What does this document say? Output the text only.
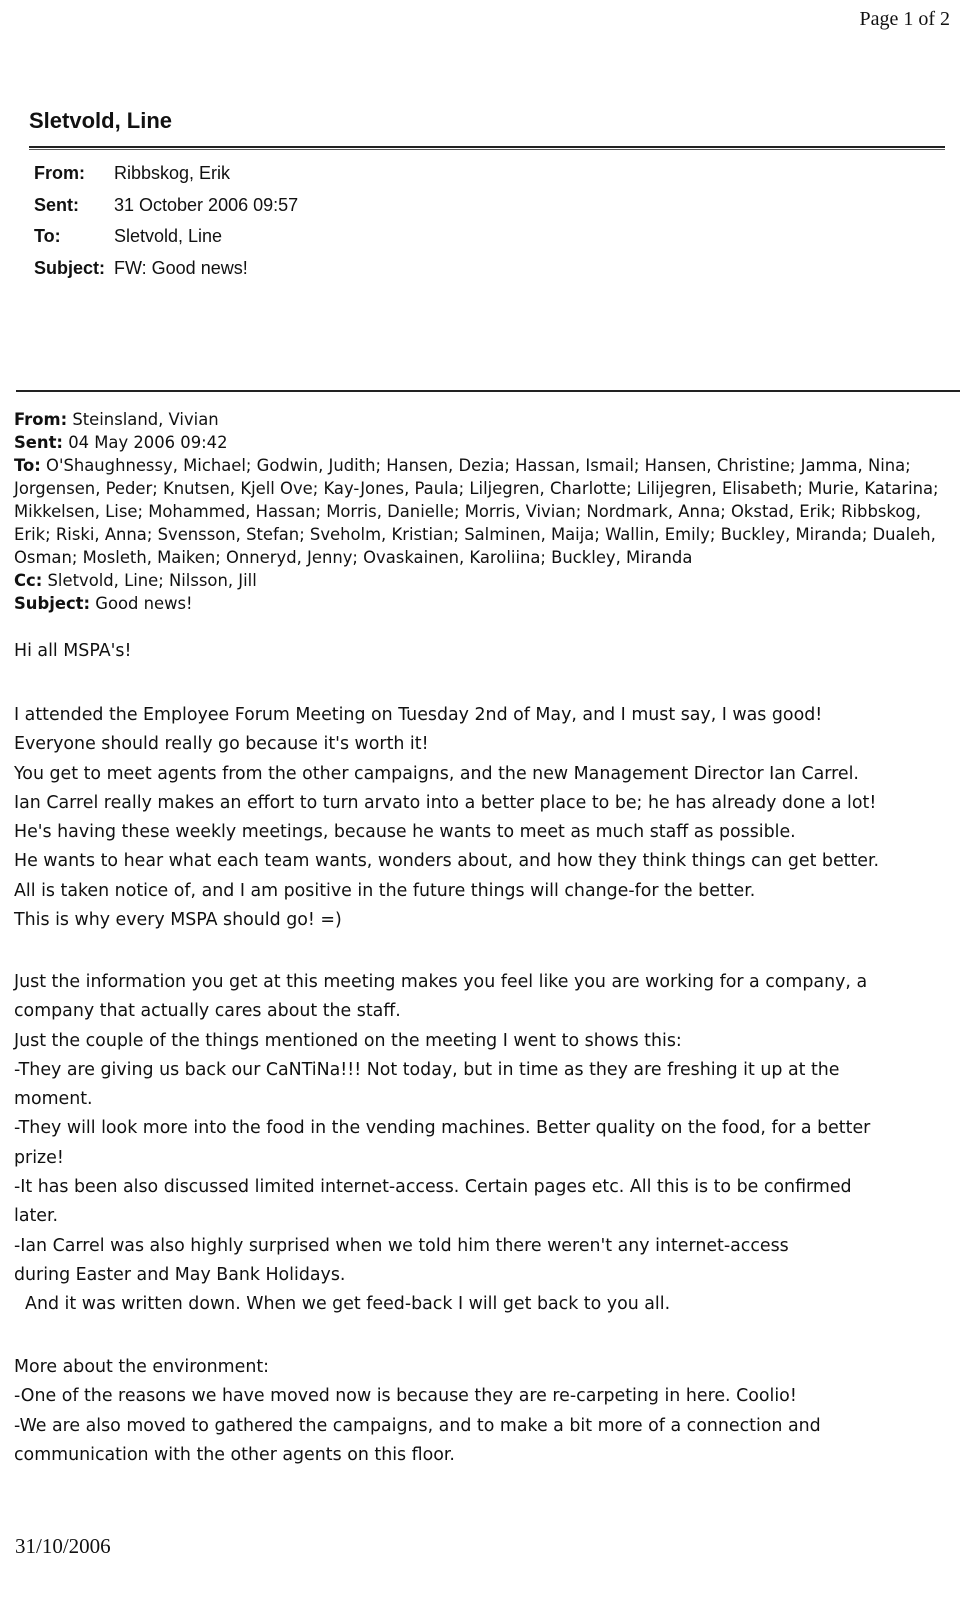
Page 1 of 2
Sletvold, Line
From:	Ribbskog, Erik
Sent:	31 October 2006 09:57
To:	Sletvold, Line
Subject: FW: Good news!
From: Steinsland, Vivian
Sent: 04 May 2006 09:42
To: O'Shaughnessy, Michael; Godwin, Judith; Hansen, Dezia; Hassan, Ismail; Hansen, Christine; Jamma, Nina; Jorgensen, Peder; Knutsen, Kjell Ove; Kay-Jones, Paula; Liljegren, Charlotte; Lilijegren, Elisabeth; Murie, Katarina; Mikkelsen, Lise; Mohammed, Hassan; Morris, Danielle; Morris, Vivian; Nordmark, Anna; Okstad, Erik; Ribbskog, Erik; Riski, Anna; Svensson, Stefan; Sveholm, Kristian; Salminen, Maija; Wallin, Emily; Buckley, Miranda; Dualeh, Osman; Mosleth, Maiken; Onneryd, Jenny; Ovaskainen, Karoliina; Buckley, Miranda
Cc: Sletvold, Line; Nilsson, Jill
Subject: Good news!
Hi all MSPA's!
I attended the Employee Forum Meeting on Tuesday 2nd of May, and I must say, I was good!
Everyone should really go because it's worth it!
You get to meet agents from the other campaigns, and the new Management Director Ian Carrel.
Ian Carrel really makes an effort to turn arvato into a better place to be; he has already done a lot!
He's having these weekly meetings, because he wants to meet as much staff as possible.
He wants to hear what each team wants, wonders about, and how they think things can get better.
All is taken notice of, and I am positive in the future things will change-for the better.
This is why every MSPA should go! =)
Just the information you get at this meeting makes you feel like you are working for a company, a
company that actually cares about the staff.
Just the couple of the things mentioned on the meeting I went to shows this:
-They are giving us back our CaNTiNa!!! Not today, but in time as they are freshing it up at the
moment.
-They will look more into the food in the vending machines. Better quality on the food, for a better
prize!
-It has been also discussed limited internet-access. Certain pages etc. All this is to be confirmed
later.
-Ian Carrel was also highly surprised when we told him there weren't any internet-access
during Easter and May Bank Holidays.
And it was written down. When we get feed-back I will get back to you all.
More about the environment:
-One of the reasons we have moved now is because they are re-carpeting in here. Coolio!
-We are also moved to gathered the campaigns, and to make a bit more of a connection and
communication with the other agents on this floor.
31/10/2006
